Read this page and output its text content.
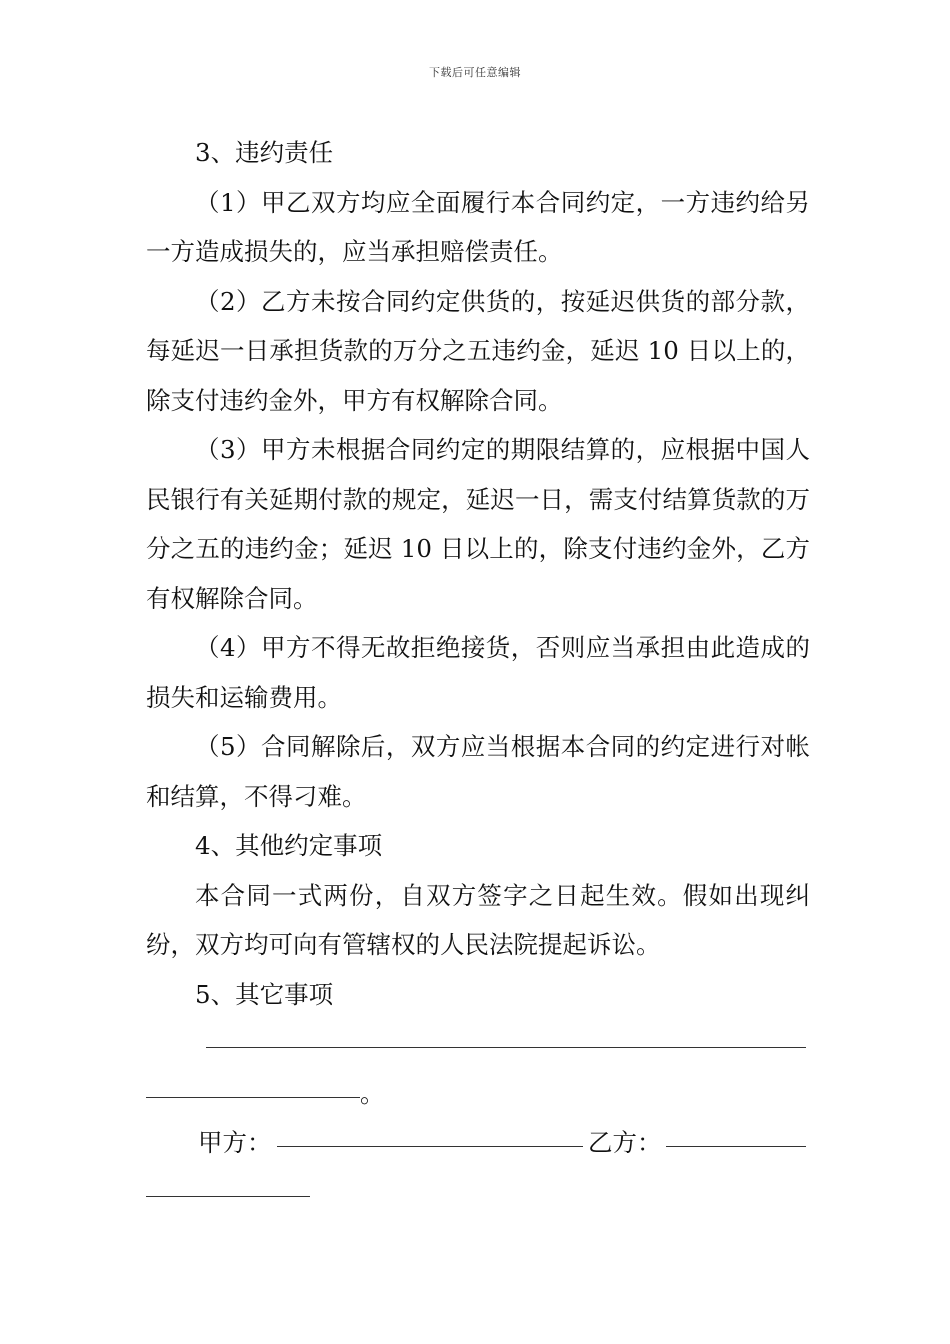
下载后可任意编辑

3、违约责任

（1）甲乙双方均应全面履行本合同约定，一方违约给另一方造成损失的，应当承担赔偿责任。

（2）乙方未按合同约定供货的，按延迟供货的部分款，每延迟一日承担货款的万分之五违约金，延迟 10 日以上的，除支付违约金外，甲方有权解除合同。

（3）甲方未根据合同约定的期限结算的，应根据中国人民银行有关延期付款的规定，延迟一日，需支付结算货款的万分之五的违约金；延迟 10 日以上的，除支付违约金外，乙方有权解除合同。

（4）甲方不得无故拒绝接货，否则应当承担由此造成的损失和运输费用。

（5）合同解除后，双方应当根据本合同的约定进行对帐和结算，不得刁难。

4、其他约定事项

本合同一式两份，自双方签字之日起生效。假如出现纠纷，双方均可向有管辖权的人民法院提起诉讼。

5、其它事项

。
甲方：	乙方：
